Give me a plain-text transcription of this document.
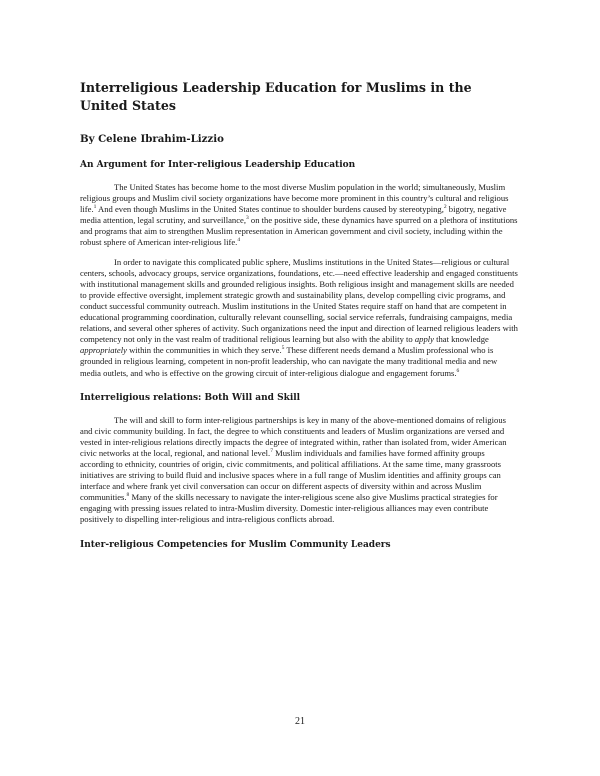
Interreligious Leadership Education for Muslims in the United States
By Celene Ibrahim-Lizzio
An Argument for Inter-religious Leadership Education

The United States has become home to the most diverse Muslim population in the world; simultaneously, Muslim religious groups and Muslim civil society organizations have become more prominent in this country’s cultural and religious life.$^1$ And even though Muslims in the United States continue to shoulder burdens caused by stereotyping,$^2$ bigotry, negative media attention, legal scrutiny, and surveillance,$^3$ on the positive side, these dynamics have spurred on a plethora of institutions and programs that aim to strengthen Muslim representation in American government and civil society, including within the robust sphere of American inter-religious life.$^4$

In order to navigate this complicated public sphere, Muslims institutions in the United States—religious or cultural centers, schools, advocacy groups, service organizations, foundations, etc.—need effective leadership and engaged constituents with institutional management skills and grounded religious insights. Both religious insight and management skills are needed to provide effective oversight, implement strategic growth and sustainability plans, develop compelling civic programs, and conduct successful community outreach. Muslim institutions in the United States require staff on hand that are competent in educational programming coordination, culturally relevant counselling, social service referrals, fundraising campaigns, media relations, and several other spheres of activity. Such organizations need the input and direction of learned religious leaders with competency not only in the vast realm of traditional religious learning but also with the ability to apply that knowledge appropriately within the communities in which they serve.$^5$ These different needs demand a Muslim professional who is grounded in religious learning, competent in non-profit leadership, who can navigate the many traditional media and new media outlets, and who is effective on the growing circuit of inter-religious dialogue and engagement forums.$^6$

Interreligious relations: Both Will and Skill

The will and skill to form inter-religious partnerships is key in many of the above-mentioned domains of religious and civic community building. In fact, the degree to which constituents and leaders of Muslim organizations are versed and vested in inter-religious relations directly impacts the degree of integrated within, rather than isolated from, wider American civic networks at the local, regional, and national level.$^7$ Muslim individuals and families have formed affinity groups according to ethnicity, countries of origin, civic commitments, and political affiliations. At the same time, many grassroots initiatives are striving to build fluid and inclusive spaces where in a full range of Muslim identities and affinity groups can interface and where frank yet civil conversation can occur on different aspects of diversity within and across Muslim communities.$^8$ Many of the skills necessary to navigate the inter-religious scene also give Muslims practical strategies for engaging with pressing issues related to intra-Muslim diversity. Domestic inter-religious alliances may even contribute positively to dispelling inter-religious and intra-religious conflicts abroad.

Inter-religious Competencies for Muslim Community Leaders
21
